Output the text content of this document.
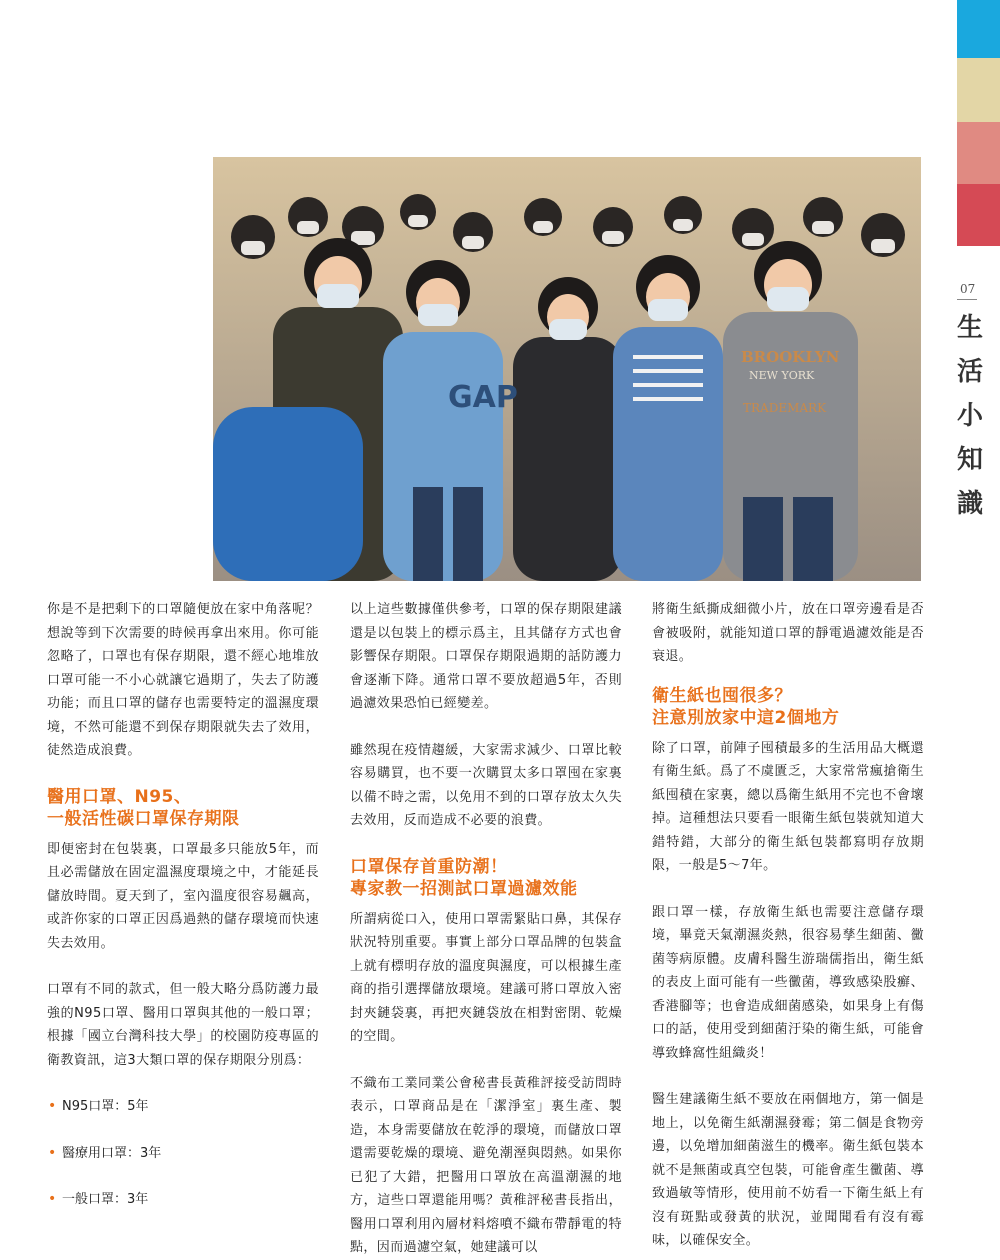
07
生
活
小
知
識
GAP
BROOKLYN
NEW YORK
TRADEMARK

你是不是把剩下的口罩隨便放在家中角落呢？想說等到下次需要的時候再拿出來用。你可能忽略了，口罩也有保存期限，還不經心地堆放口罩可能一不小心就讓它過期了，失去了防護功能；而且口罩的儲存也需要特定的溫濕度環境，不然可能還不到保存期限就失去了效用，徒然造成浪費。

醫用口罩、N95、
一般活性碳口罩保存期限

即便密封在包裝裏，口罩最多只能放5年，而且必需儲放在固定溫濕度環境之中，才能延長儲放時間。夏天到了，室內溫度很容易飆高，或許你家的口罩正因爲過熱的儲存環境而快速失去效用。

口罩有不同的款式，但一般大略分爲防護力最強的N95口罩、醫用口罩與其他的一般口罩；根據「國立台灣科技大學」的校園防疫專區的衛教資訊，這3大類口罩的保存期限分別爲：

• N95口罩：5年
• 醫療用口罩：3年
• 一般口罩：3年

以上這些數據僅供參考，口罩的保存期限建議還是以包裝上的標示爲主，且其儲存方式也會影響保存期限。口罩保存期限過期的話防護力會逐漸下降。通常口罩不要放超過5年，否則過濾效果恐怕已經變差。

雖然現在疫情趨緩，大家需求減少、口罩比較容易購買，也不要一次購買太多口罩囤在家裏以備不時之需，以免用不到的口罩存放太久失去效用，反而造成不必要的浪費。

口罩保存首重防潮！
專家教一招測試口罩過濾效能

所謂病從口入，使用口罩需緊貼口鼻，其保存狀況特別重要。事實上部分口罩品牌的包裝盒上就有標明存放的溫度與濕度，可以根據生產商的指引選擇儲放環境。建議可將口罩放入密封夾鏈袋裏，再把夾鏈袋放在相對密閉、乾燥的空間。

不織布工業同業公會秘書長黃稚評接受訪問時表示，口罩商品是在「潔淨室」裏生產、製造，本身需要儲放在乾淨的環境，而儲放口罩還需要乾燥的環境、避免潮溼與悶熱。如果你已犯了大錯，把醫用口罩放在高溫潮濕的地方，這些口罩還能用嗎？黃稚評秘書長指出，醫用口罩利用內層材料熔噴不織布帶靜電的特點，因而過濾空氣，她建議可以

將衛生紙撕成細微小片，放在口罩旁邊看是否會被吸附，就能知道口罩的靜電過濾效能是否衰退。

衛生紙也囤很多？
注意別放家中這2個地方

除了口罩，前陣子囤積最多的生活用品大概還有衛生紙。爲了不虞匱乏，大家常常瘋搶衛生紙囤積在家裏，總以爲衛生紙用不完也不會壞掉。這種想法只要看一眼衛生紙包裝就知道大錯特錯，大部分的衛生紙包裝都寫明存放期限，一般是5～7年。

跟口罩一樣，存放衛生紙也需要注意儲存環境，畢竟天氣潮濕炎熱，很容易孳生細菌、黴菌等病原體。皮膚科醫生游瑞儒指出，衛生紙的表皮上面可能有一些黴菌，導致感染股癬、香港腳等；也會造成細菌感染，如果身上有傷口的話，使用受到細菌汙染的衛生紙，可能會導致蜂窩性組織炎！

醫生建議衛生紙不要放在兩個地方，第一個是地上，以免衛生紙潮濕發霉；第二個是食物旁邊，以免增加細菌滋生的機率。衛生紙包裝本就不是無菌或真空包裝，可能會產生黴菌、導致過敏等情形，使用前不妨看一下衛生紙上有沒有斑點或發黃的狀況，並聞聞看有沒有霉味，以確保安全。
